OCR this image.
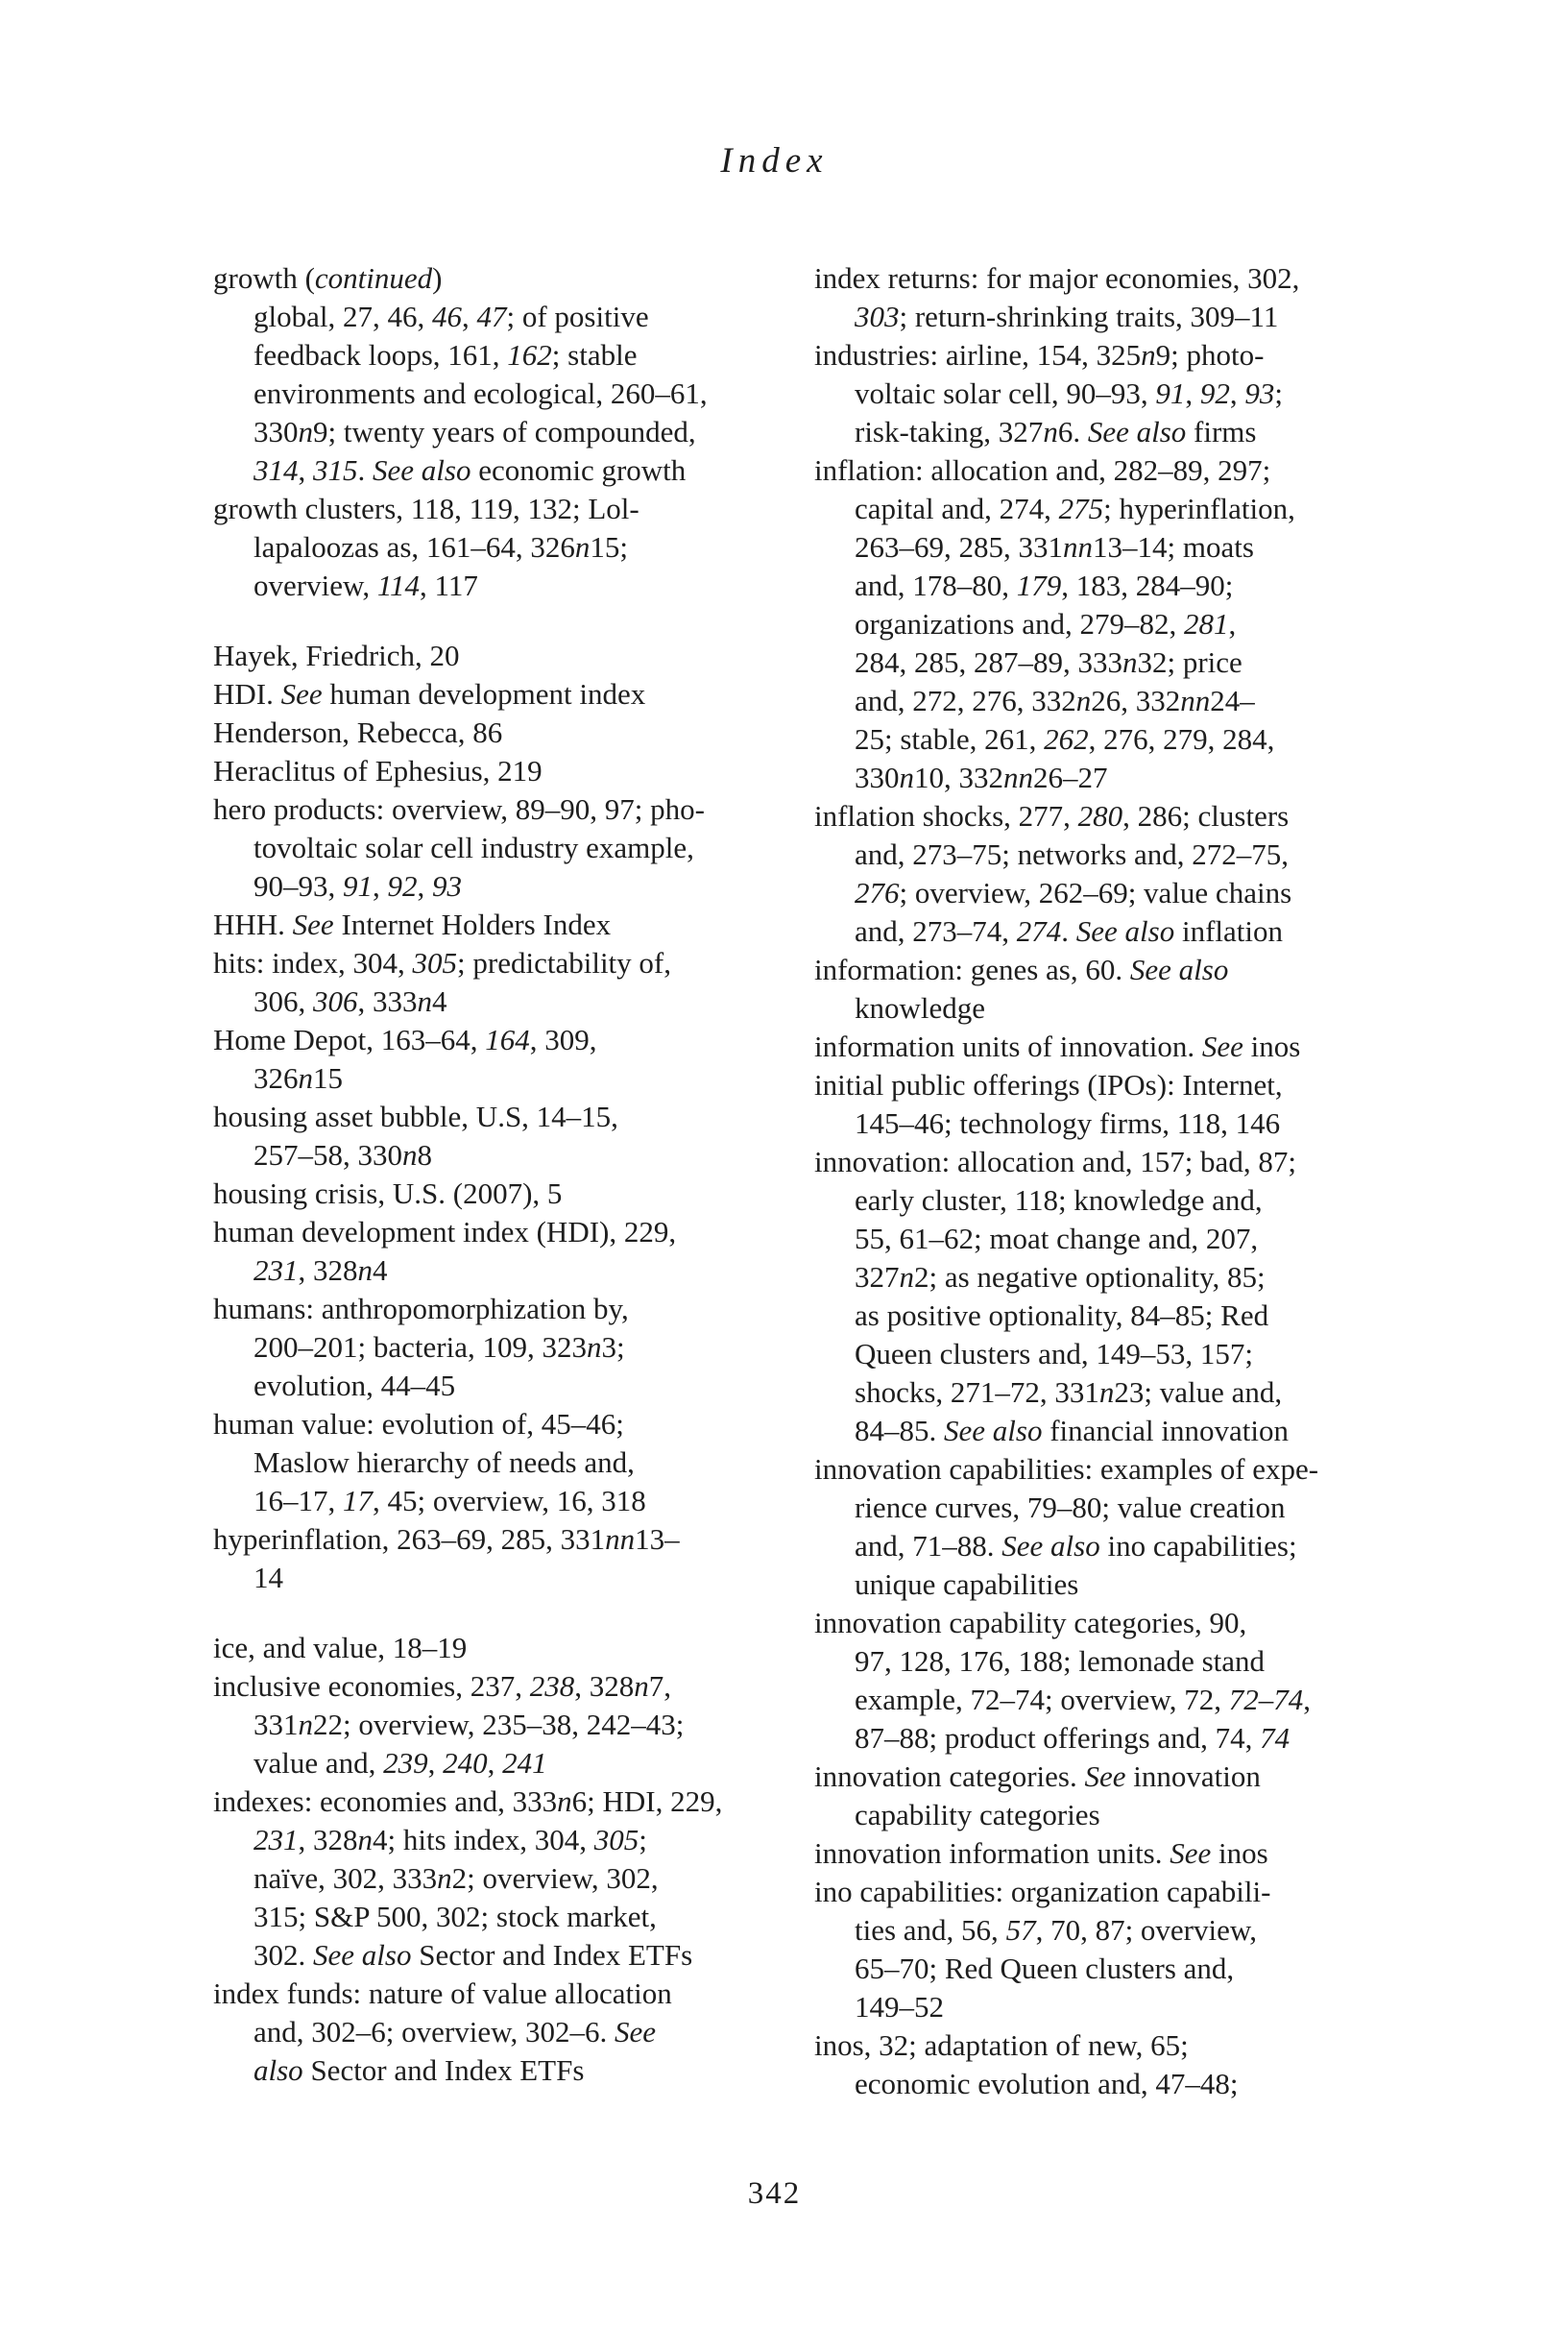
Index
growth (continued)
global, 27, 46, 46, 47; of positive
feedback loops, 161, 162; stable
environments and ecological, 260–61,
330n9; twenty years of compounded,
314, 315. See also economic growth
growth clusters, 118, 119, 132; Lol-
lapaloozas as, 161–64, 326n15;
overview, 114, 117
Hayek, Friedrich, 20
HDI. See human development index
Henderson, Rebecca, 86
Heraclitus of Ephesius, 219
hero products: overview, 89–90, 97; pho-
tovoltaic solar cell industry example,
90–93, 91, 92, 93
HHH. See Internet Holders Index
hits: index, 304, 305; predictability of,
306, 306, 333n4
Home Depot, 163–64, 164, 309,
326n15
housing asset bubble, U.S, 14–15,
257–58, 330n8
housing crisis, U.S. (2007), 5
human development index (HDI), 229,
231, 328n4
humans: anthropomorphization by,
200–201; bacteria, 109, 323n3;
evolution, 44–45
human value: evolution of, 45–46;
Maslow hierarchy of needs and,
16–17, 17, 45; overview, 16, 318
hyperinflation, 263–69, 285, 331nn13–
14
ice, and value, 18–19
inclusive economies, 237, 238, 328n7,
331n22; overview, 235–38, 242–43;
value and, 239, 240, 241
indexes: economies and, 333n6; HDI, 229,
231, 328n4; hits index, 304, 305;
naïve, 302, 333n2; overview, 302,
315; S&P 500, 302; stock market,
302. See also Sector and Index ETFs
index funds: nature of value allocation
and, 302–6; overview, 302–6. See
also Sector and Index ETFs
index returns: for major economies, 302,
303; return-shrinking traits, 309–11
industries: airline, 154, 325n9; photo-
voltaic solar cell, 90–93, 91, 92, 93;
risk-taking, 327n6. See also firms
inflation: allocation and, 282–89, 297;
capital and, 274, 275; hyperinflation,
263–69, 285, 331nn13–14; moats
and, 178–80, 179, 183, 284–90;
organizations and, 279–82, 281,
284, 285, 287–89, 333n32; price
and, 272, 276, 332n26, 332nn24–
25; stable, 261, 262, 276, 279, 284,
330n10, 332nn26–27
inflation shocks, 277, 280, 286; clusters
and, 273–75; networks and, 272–75,
276; overview, 262–69; value chains
and, 273–74, 274. See also inflation
information: genes as, 60. See also
knowledge
information units of innovation. See inos
initial public offerings (IPOs): Internet,
145–46; technology firms, 118, 146
innovation: allocation and, 157; bad, 87;
early cluster, 118; knowledge and,
55, 61–62; moat change and, 207,
327n2; as negative optionality, 85;
as positive optionality, 84–85; Red
Queen clusters and, 149–53, 157;
shocks, 271–72, 331n23; value and,
84–85. See also financial innovation
innovation capabilities: examples of expe-
rience curves, 79–80; value creation
and, 71–88. See also ino capabilities;
unique capabilities
innovation capability categories, 90,
97, 128, 176, 188; lemonade stand
example, 72–74; overview, 72, 72–74,
87–88; product offerings and, 74, 74
innovation categories. See innovation
capability categories
innovation information units. See inos
ino capabilities: organization capabili-
ties and, 56, 57, 70, 87; overview,
65–70; Red Queen clusters and,
149–52
inos, 32; adaptation of new, 65;
economic evolution and, 47–48;
342
